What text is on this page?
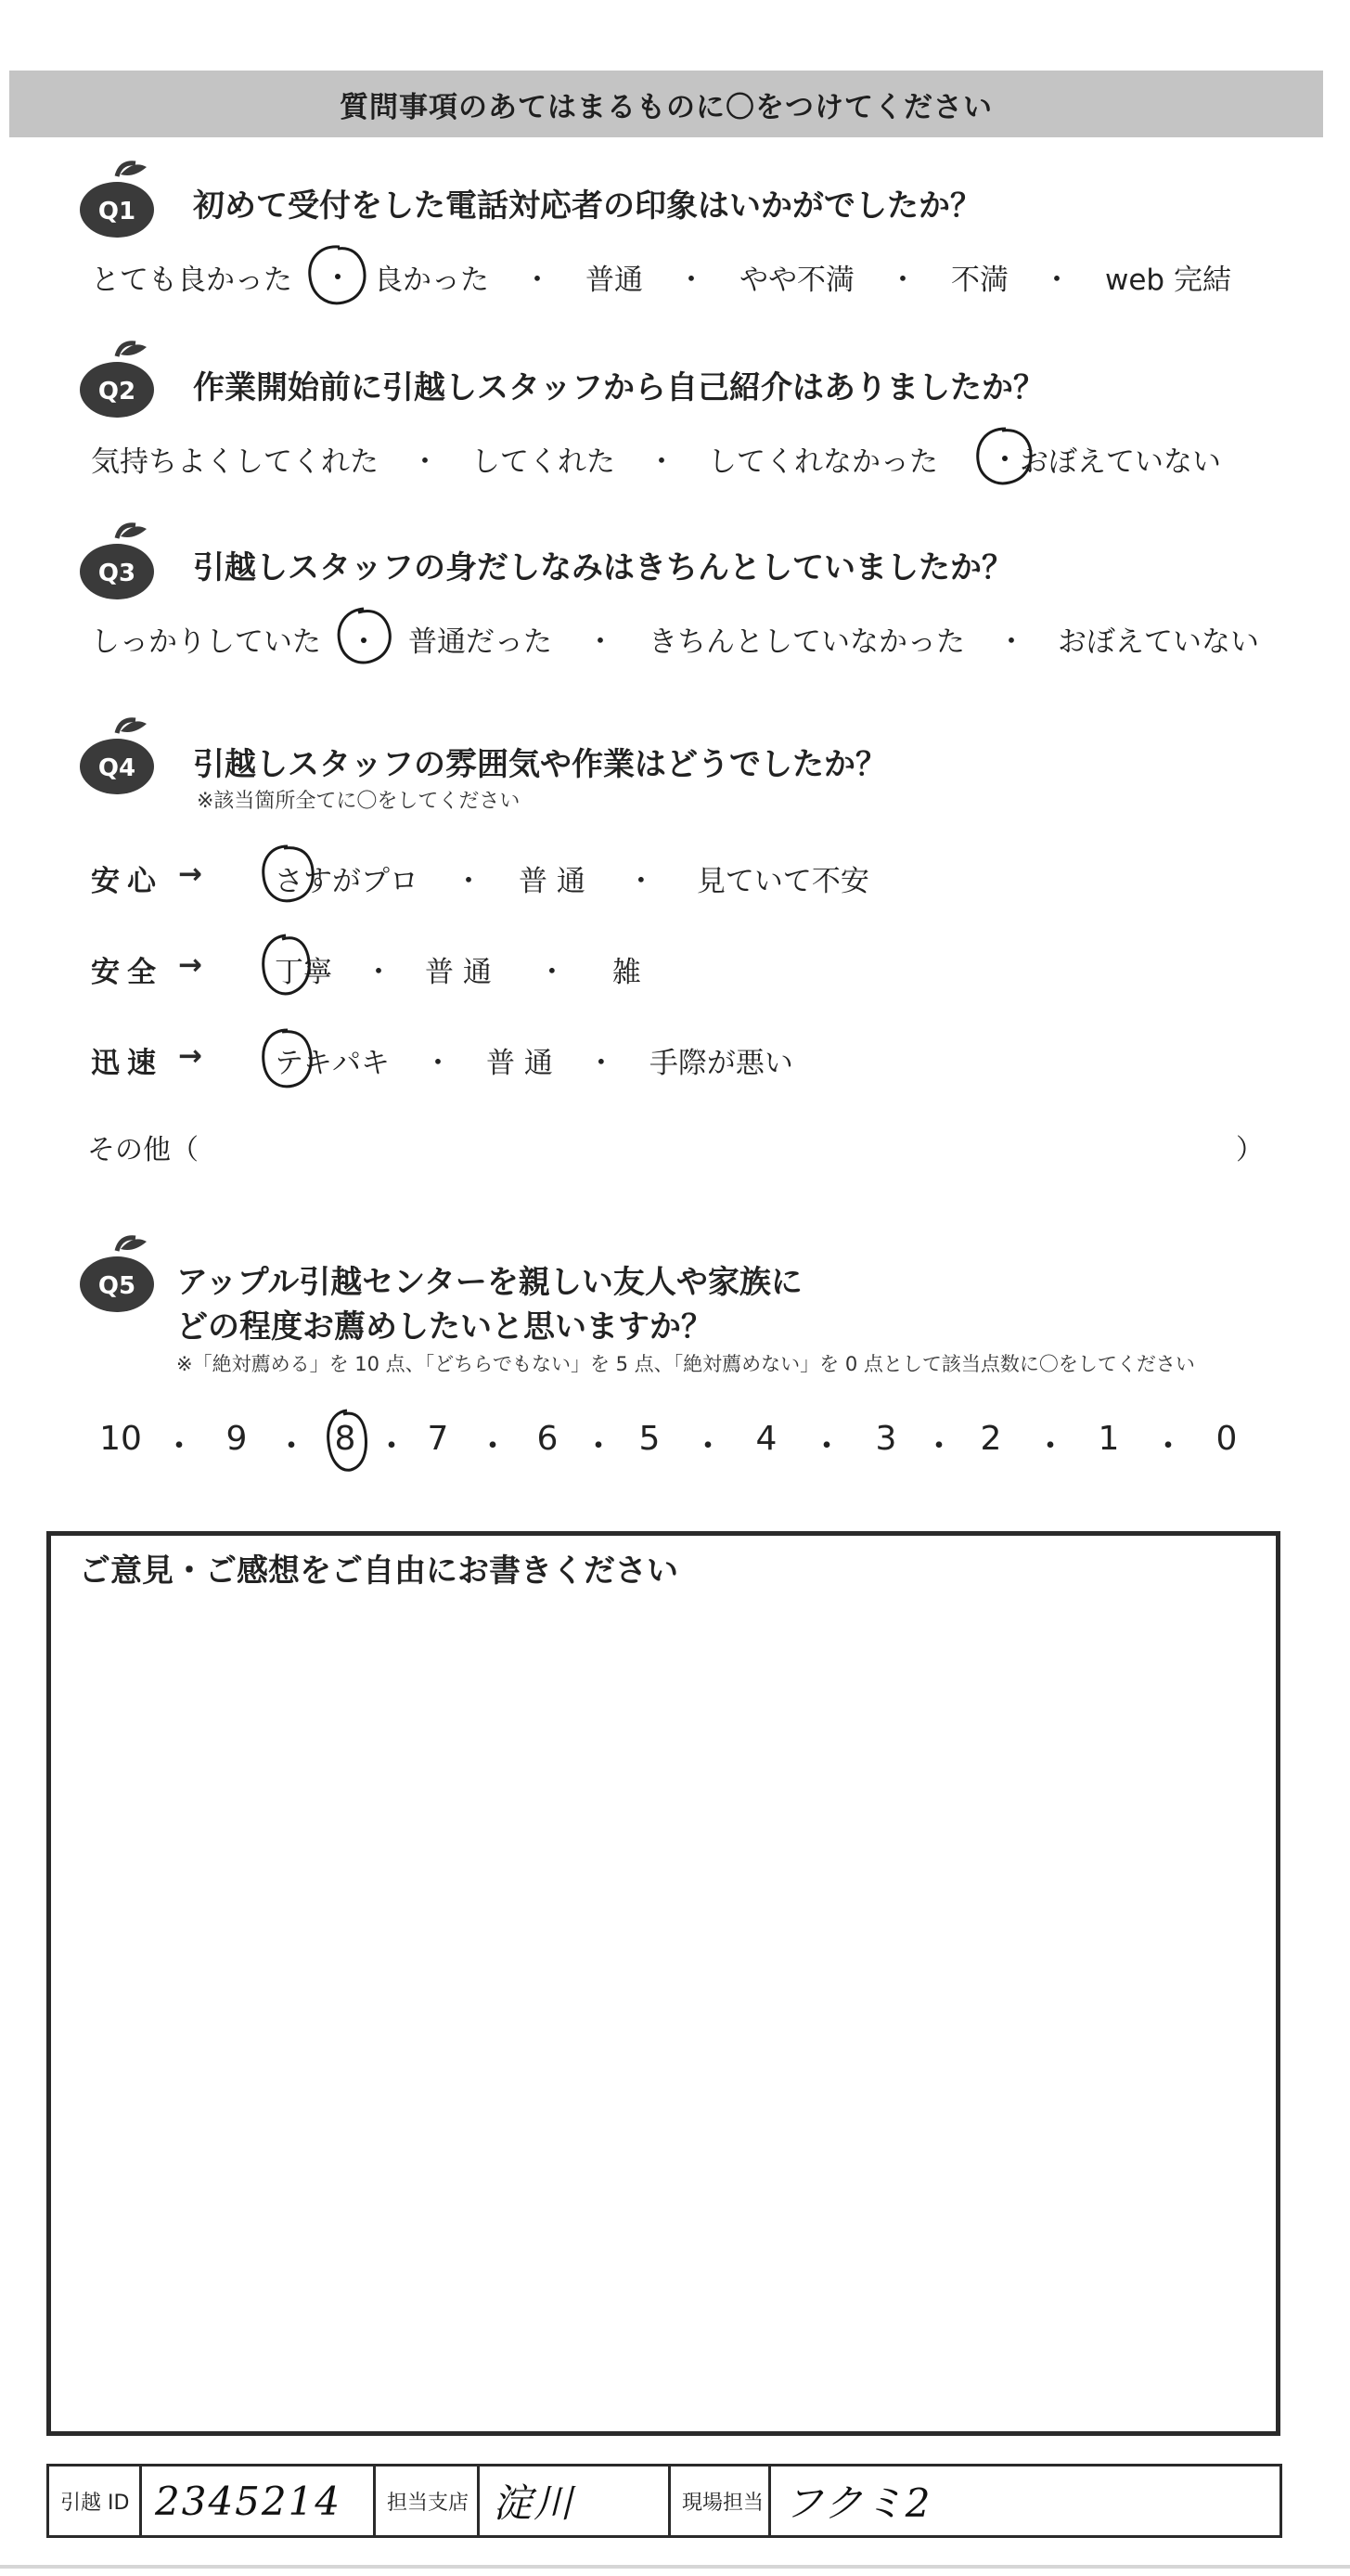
質問事項のあてはまるものに〇をつけてください
Q1 初めて受付をした電話対応者の印象はいかがでしたか？
とても良かった	良かった	・	普通	・	やや不満	・	不満	・	web 完結
Q2 作業開始前に引越しスタッフから自己紹介はありましたか？
気持ちよくしてくれた	・	してくれた	・	してくれなかった	おぼえていない
Q3 引越しスタッフの身だしなみはきちんとしていましたか？
しっかりしていた	普通だった	・	きちんとしていなかった	・	おぼえていない
Q4 引越しスタッフの雰囲気や作業はどうでしたか？
※該当箇所全てに〇をしてください
安心 →	さすがプロ	・	普 通	・	見ていて不安
安全 →	丁寧	・	普 通	・	雑
迅速 →	テキパキ	・	普 通	・	手際が悪い
その他（	）
Q5 アップル引越センターを親しい友人や家族に
どの程度お薦めしたいと思いますか？
※「絶対薦める」を 10 点、「どちらでもない」を 5 点、「絶対薦めない」を 0 点として該当点数に〇をしてください
10 ・ 9 ・ 8 ・ 7 ・ 6 ・ 5 ・ 4 ・ 3 ・ 2 ・ 1 ・ 0
ご意見・ご感想をご自由にお書きください
引越 ID 2345214	担当支店 淀川	現場担当 フクミ2
